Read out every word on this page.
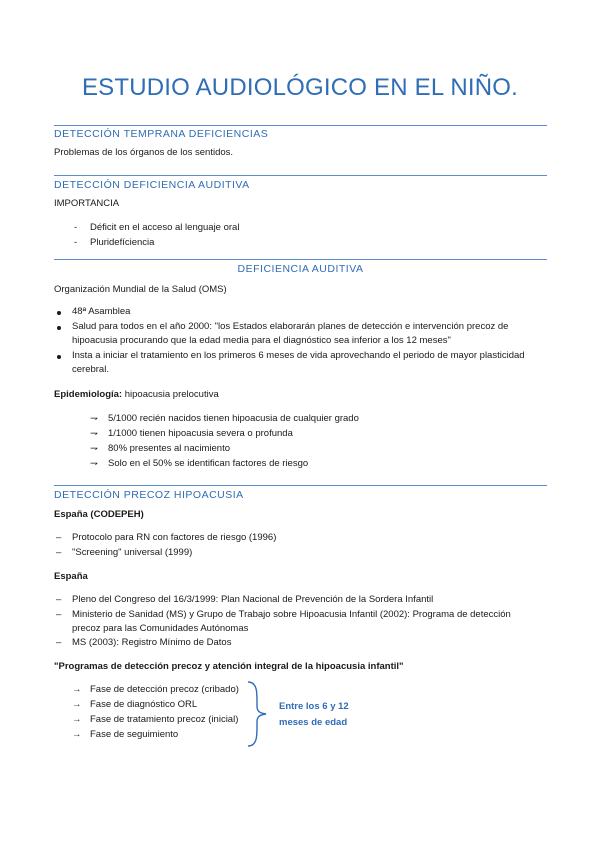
ESTUDIO AUDIOLÓGICO EN EL NIÑO.
DETECCIÓN TEMPRANA DEFICIENCIAS
Problemas de los órganos de los sentidos.
DETECCIÓN DEFICIENCIA AUDITIVA
IMPORTANCIA
- Déficit en el acceso al lenguaje oral
- Pluridefíciencia
DEFICIENCIA AUDITIVA
Organización Mundial de la Salud (OMS)
48ª Asamblea
Salud para todos en el año 2000: "los Estados elaborarán planes de detección e intervención precoz de
hipoacusia procurando que la edad media para el diagnóstico sea inferior a los 12 meses"
Insta a iniciar el tratamiento en los primeros 6 meses de vida aprovechando el periodo de mayor plasticidad
cerebral.
Epidemiología: hipoacusia prelocutiva
⇁ 5/1000 recién nacidos tienen hipoacusia de cualquier grado
⇁ 1/1000 tienen hipoacusia severa o profunda
⇁ 80% presentes al nacimiento
⇁ Solo en el 50% se identifican factores de riesgo
DETECCIÓN PRECOZ HIPOACUSIA
España (CODEPEH)
– Protocolo para RN con factores de riesgo (1996)
– "Screening" universal (1999)
España
– Pleno del Congreso del 16/3/1999: Plan Nacional de Prevención de la Sordera Infantil
– Ministerio de Sanidad (MS) y Grupo de Trabajo sobre Hipoacusia Infantil (2002): Programa de detección
precoz para las Comunidades Autónomas
– MS (2003): Registro Mínimo de Datos
"Programas de detección precoz y atención integral de la hipoacusia infantil"
→ Fase de detección precoz (cribado)
→ Fase de diagnóstico ORL
→ Fase de tratamiento precoz (inicial)
→ Fase de seguimiento
Entre los 6 y 12
meses de edad
